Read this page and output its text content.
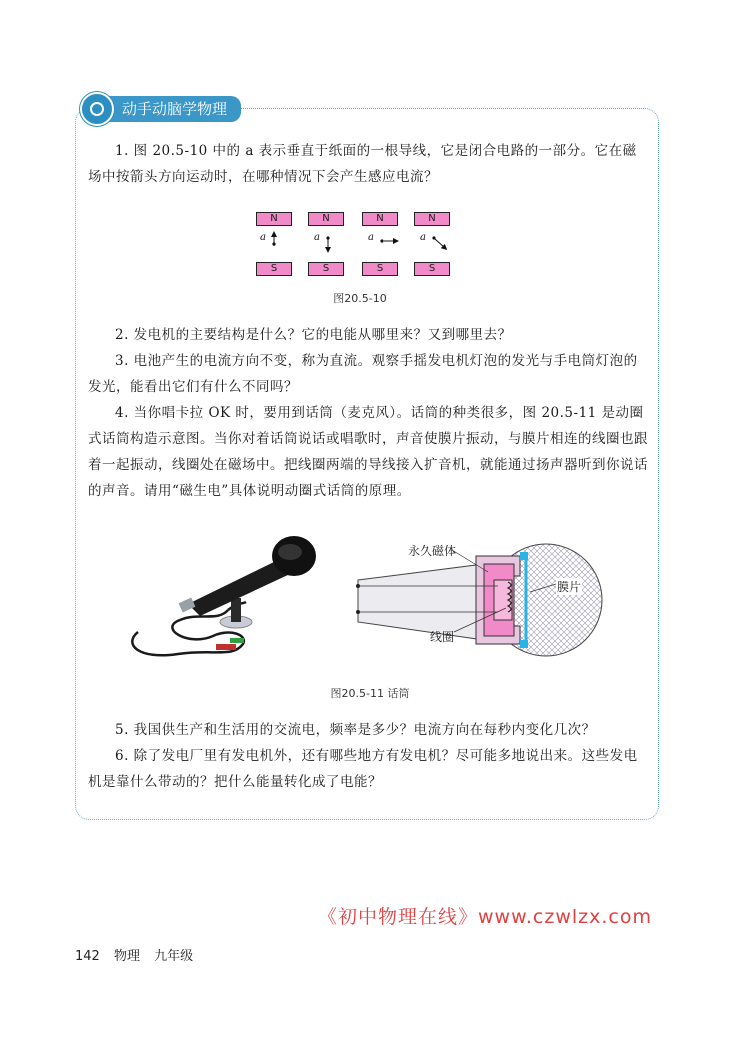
动手动脑学物理
1. 图 20.5-10 中的 a 表示垂直于纸面的一根导线，它是闭合电路的一部分。它在磁场中按箭头方向运动时，在哪种情况下会产生感应电流？
N	N	N	N
a	a	a	a
S	S	S	S
图20.5-10
2. 发电机的主要结构是什么？它的电能从哪里来？又到哪里去？
3. 电池产生的电流方向不变，称为直流。观察手摇发电机灯泡的发光与手电筒灯泡的发光，能看出它们有什么不同吗？
4. 当你唱卡拉 OK 时，要用到话筒（麦克风）。话筒的种类很多，图 20.5-11 是动圈式话筒构造示意图。当你对着话筒说话或唱歌时，声音使膜片振动，与膜片相连的线圈也跟着一起振动，线圈处在磁场中。把线圈两端的导线接入扩音机，就能通过扬声器听到你说话的声音。请用“磁生电”具体说明动圈式话筒的原理。
永久磁体
膜片
线圈
图20.5-11 话筒
5. 我国供生产和生活用的交流电，频率是多少？电流方向在每秒内变化几次？
6. 除了发电厂里有发电机外，还有哪些地方有发电机？尽可能多地说出来。这些发电机是靠什么带动的？把什么能量转化成了电能？
《初中物理在线》www.czwlzx.com
142 物理 九年级
